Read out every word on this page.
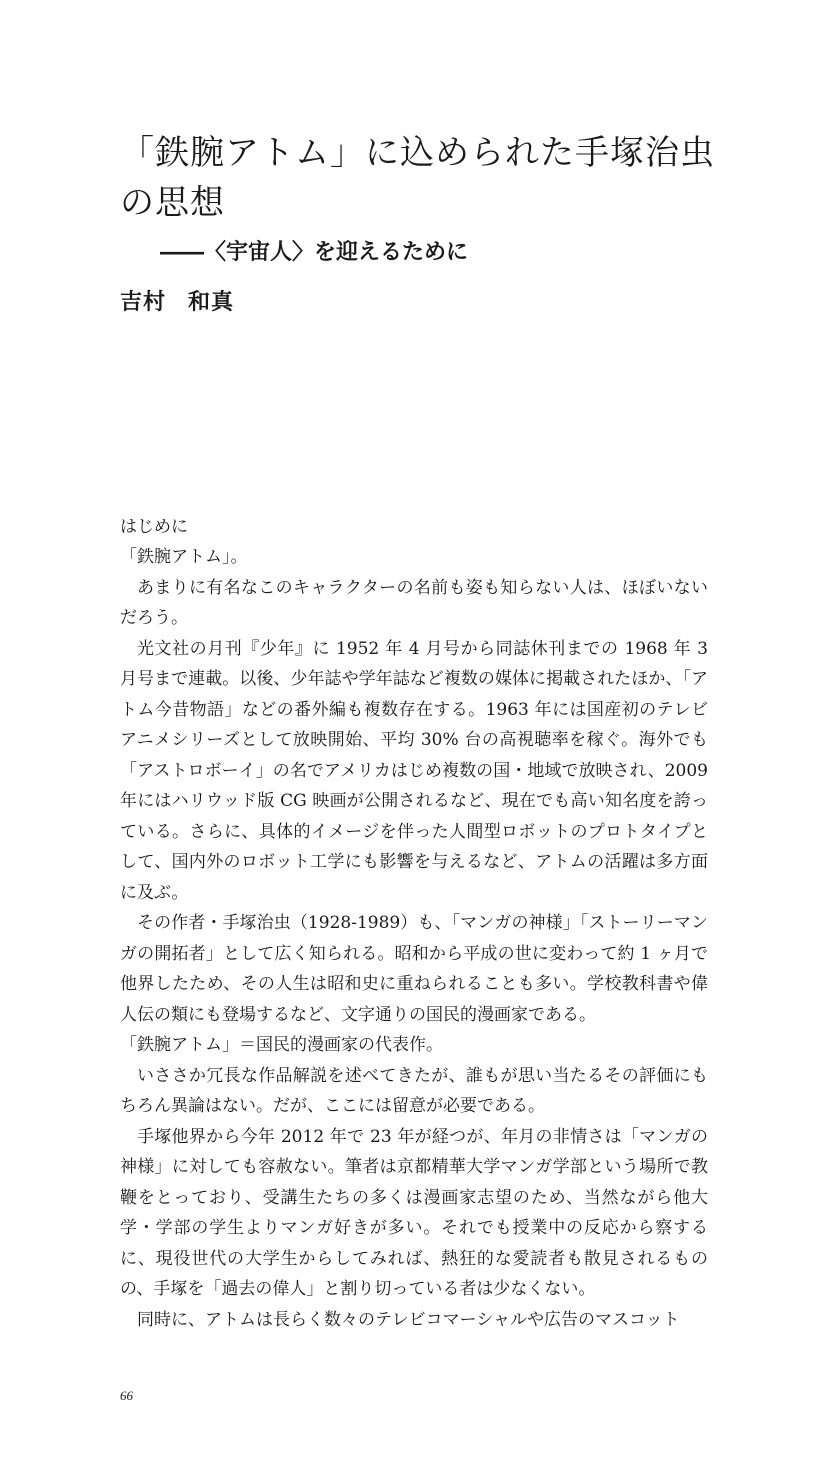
「鉄腕アトム」に込められた手塚治虫の思想
――〈宇宙人〉を迎えるために
吉村 和真
はじめに

「鉄腕アトム」。

あまりに有名なこのキャラクターの名前も姿も知らない人は、ほぼいないだろう。

光文社の月刊『少年』に 1952 年 4 月号から同誌休刊までの 1968 年 3 月号まで連載。以後、少年誌や学年誌など複数の媒体に掲載されたほか、「アトム今昔物語」などの番外編も複数存在する。1963 年には国産初のテレビアニメシリーズとして放映開始、平均 30% 台の高視聴率を稼ぐ。海外でも「アストロボーイ」の名でアメリカはじめ複数の国・地域で放映され、2009 年にはハリウッド版 CG 映画が公開されるなど、現在でも高い知名度を誇っている。さらに、具体的イメージを伴った人間型ロボットのプロトタイプとして、国内外のロボット工学にも影響を与えるなど、アトムの活躍は多方面に及ぶ。

その作者・手塚治虫（1928-1989）も、「マンガの神様」「ストーリーマンガの開拓者」として広く知られる。昭和から平成の世に変わって約 1 ヶ月で他界したため、その人生は昭和史に重ねられることも多い。学校教科書や偉人伝の類にも登場するなど、文字通りの国民的漫画家である。

「鉄腕アトム」＝国民的漫画家の代表作。

いささか冗長な作品解説を述べてきたが、誰もが思い当たるその評価にもちろん異論はない。だが、ここには留意が必要である。

手塚他界から今年 2012 年で 23 年が経つが、年月の非情さは「マンガの神様」に対しても容赦ない。筆者は京都精華大学マンガ学部という場所で教鞭をとっており、受講生たちの多くは漫画家志望のため、当然ながら他大学・学部の学生よりマンガ好きが多い。それでも授業中の反応から察するに、現役世代の大学生からしてみれば、熱狂的な愛読者も散見されるものの、手塚を「過去の偉人」と割り切っている者は少なくない。

同時に、アトムは長らく数々のテレビコマーシャルや広告のマスコット

66
